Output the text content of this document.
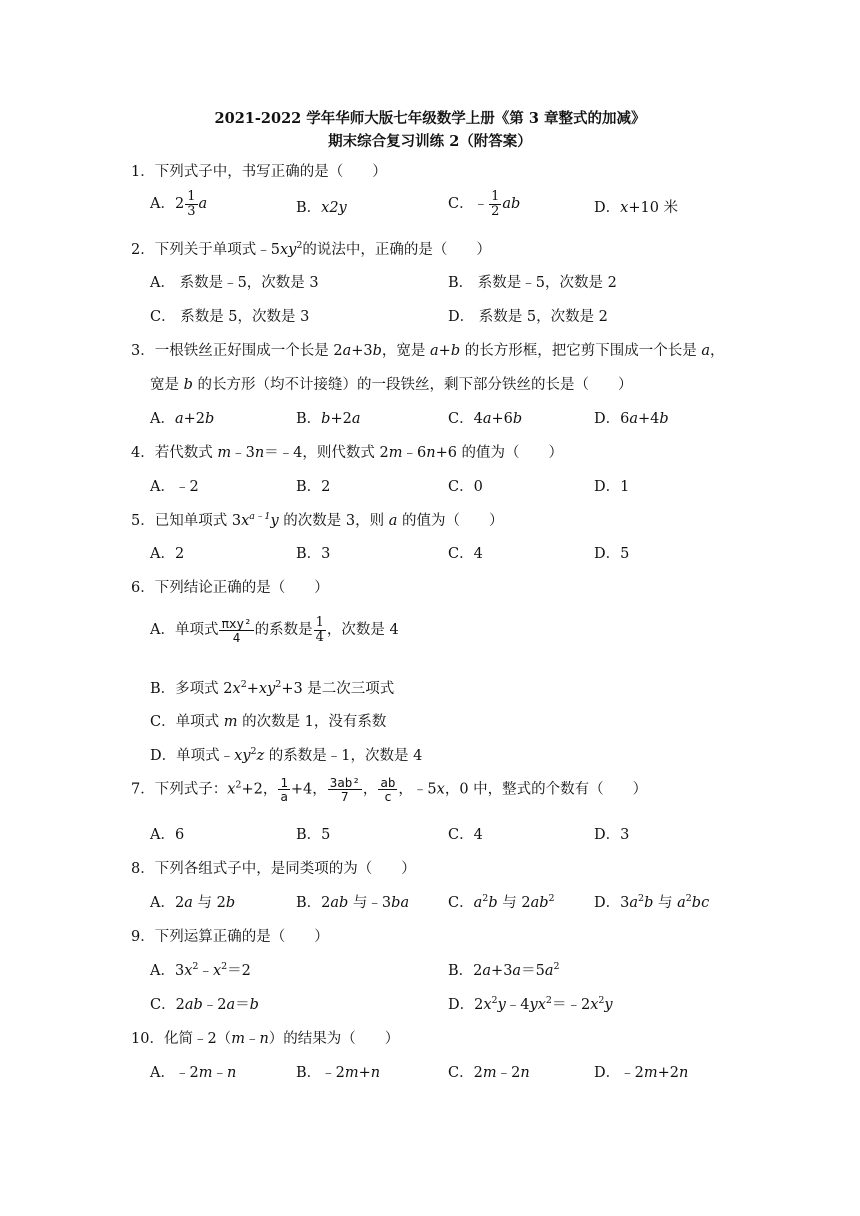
2021-2022 学年华师大版七年级数学上册《第 3 章整式的加减》
期末综合复习训练 2（附答案）
1．下列式子中，书写正确的是（　　）
A．$2 \frac{1}{3}$ a	B．x2y	C．﹣ $\frac{1}{2}$ ab	D．x+10 米
2．下列关于单项式$﹣5xy^2$的说法中，正确的是（　　）
A． 系数是﹣5，次数是 3	B． 系数是﹣5，次数是 2
C． 系数是 5，次数是 3	D． 系数是 5，次数是 2
3．一根铁丝正好围成一个长是 2a+3b，宽是 a+b 的长方形框，把它剪下围成一个长是 a，
宽是 b 的长方形（均不计接缝）的一段铁丝，剩下部分铁丝的长是（　　）
A．a+2b	B．b+2a	C．4a+6b	D．6a+4b
4．若代数式 m﹣3n＝﹣4，则代数式 2m﹣6n+6 的值为（　　）
A．﹣2	B．2	C．0	D．1
5．已知单项式 $3x^{a﹣1}y$ 的次数是 3，则 a 的值为（　　）
A．2	B．3	C．4	D．5
6．下列结论正确的是（　　）
A．单项式 $\frac{\text{πxy²}}{4}$ 的系数是 $\frac{1}{4}$ ，次数是 4
B．多项式 $2x^2+xy^2+3$ 是二次三项式
C．单项式 m 的次数是 1，没有系数
D．单项式$﹣xy^2z$ 的系数是﹣1，次数是 4
7．下列式子：$x^2+2$， $\frac{1}{a} +4$， $\frac{\text{3ab²}}{7}$ ， $\frac{ab}{c}$ ，﹣5x，0 中，整式的个数有（　　）
A．6	B．5	C．4	D．3
8．下列各组式子中，是同类项的为（　　）
A．2a 与 2b	B．2ab 与﹣3ba	C．$a^2b$ 与 $2ab^2$	D．$3a^2b$ 与 $a^2bc$
9．下列运算正确的是（　　）
A．$3x^2﹣x^2=2$	B．$2a+3a=5a^2$
C．2ab﹣2a＝b	D．$2x^2y﹣4yx^2=﹣2x^2y$
10．化简﹣2（m﹣n）的结果为（　　）
A．﹣2m﹣n	B．﹣2m+n	C．2m﹣2n	D．﹣2m+2n
